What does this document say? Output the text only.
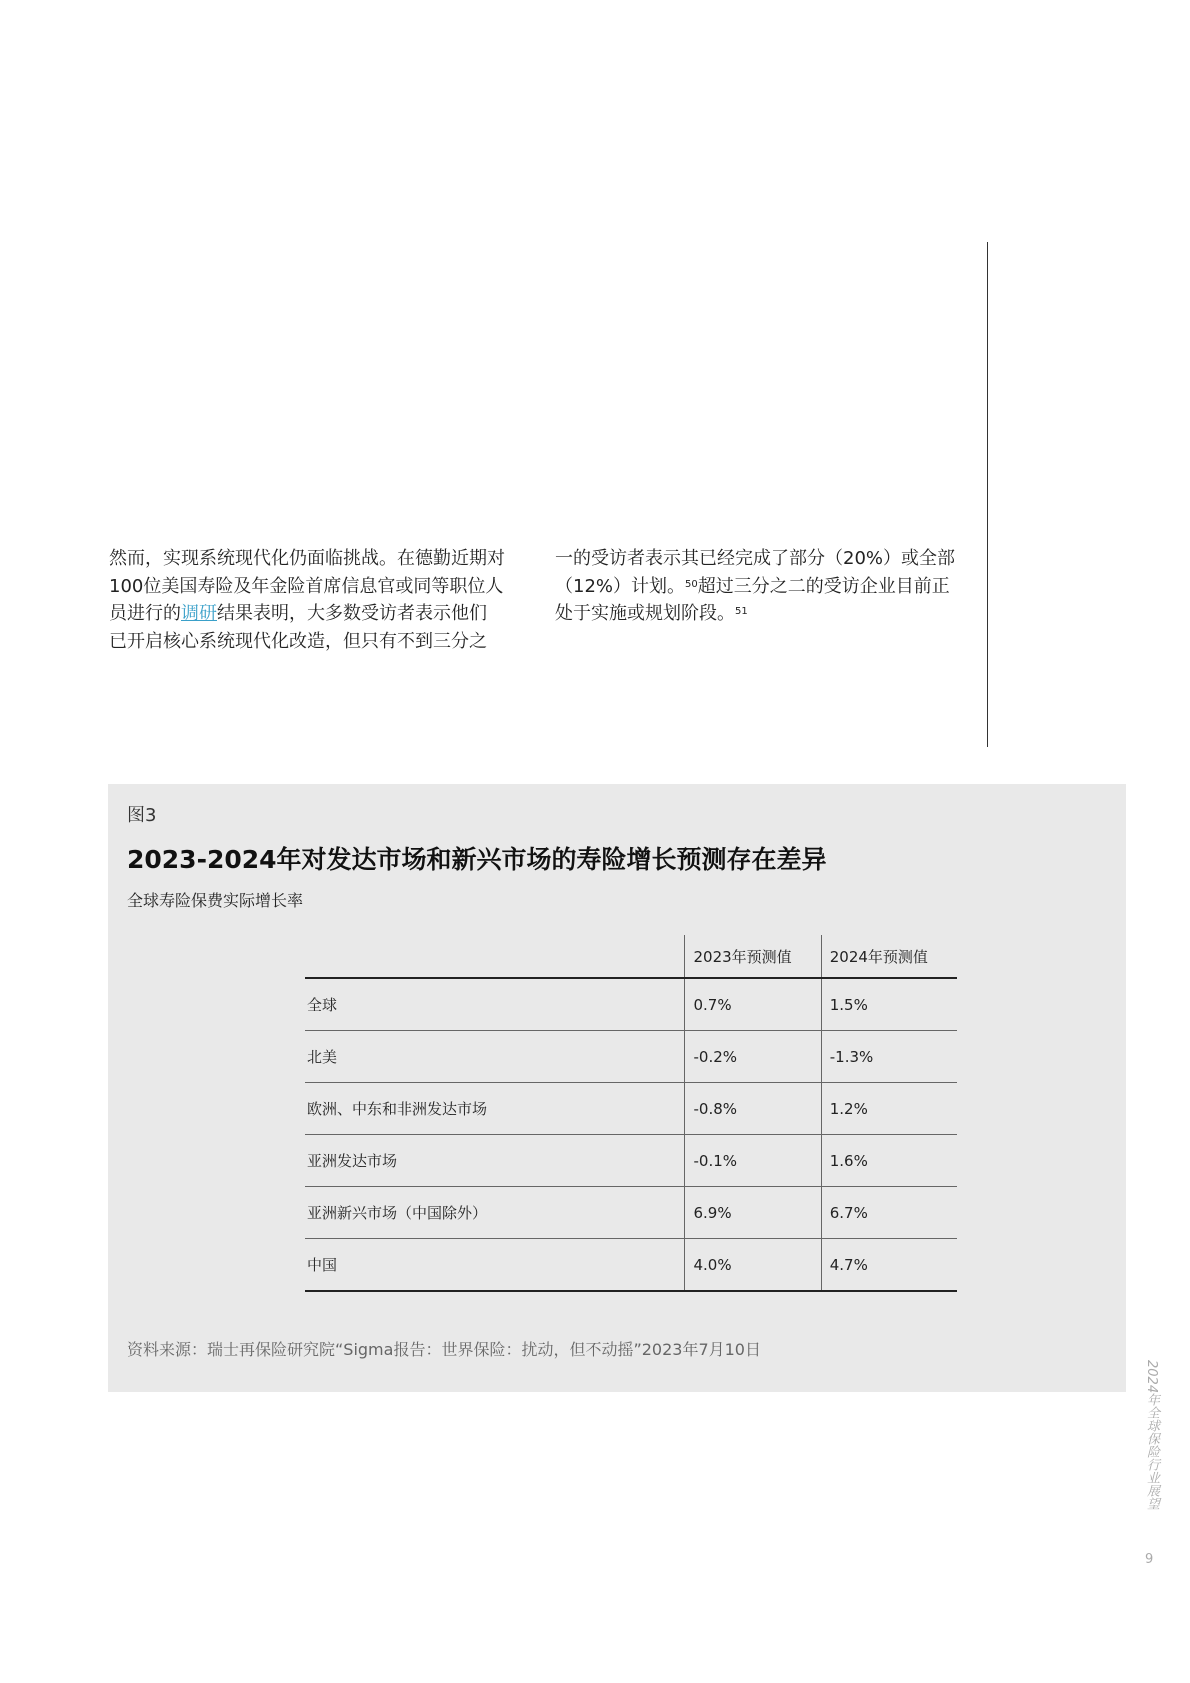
然而，实现系统现代化仍面临挑战。在德勤近期对

100位美国寿险及年金险首席信息官或同等职位人

员进行的调研结果表明，大多数受访者表示他们

已开启核心系统现代化改造，但只有不到三分之

一的受访者表示其已经完成了部分（20%）或全部

（12%）计划。$^{50}$超过三分之二的受访企业目前正

处于实施或规划阶段。$^{51}$

图3
2023-2024年对发达市场和新兴市场的寿险增长预测存在差异
全球寿险保费实际增长率
	2023年预测值	2024年预测值
全球	0.7%	1.5%
北美	-0.2%	-1.3%
欧洲、中东和非洲发达市场	-0.8%	1.2%
亚洲发达市场	-0.1%	1.6%
亚洲新兴市场（中国除外）	6.9%	6.7%
中国	4.0%	4.7%
资料来源：瑞士再保险研究院“Sigma报告：世界保险：扰动，但不动摇”2023年7月10日
2024年全球保险行业展望
9
